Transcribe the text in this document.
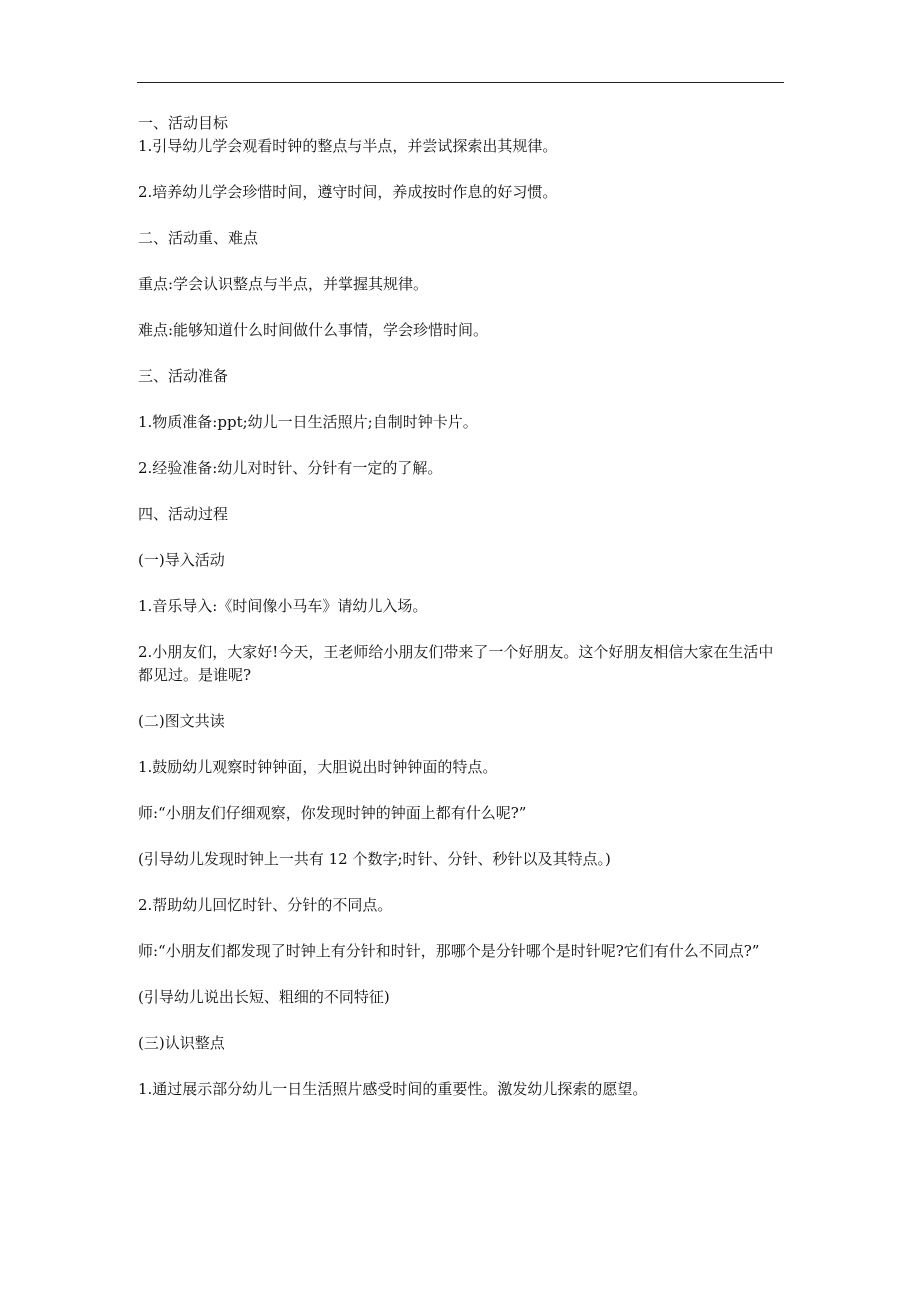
一、活动目标

1.引导幼儿学会观看时钟的整点与半点，并尝试探索出其规律。

2.培养幼儿学会珍惜时间，遵守时间，养成按时作息的好习惯。

二、活动重、难点

重点:学会认识整点与半点，并掌握其规律。

难点:能够知道什么时间做什么事情，学会珍惜时间。

三、活动准备

1.物质准备:ppt;幼儿一日生活照片;自制时钟卡片。

2.经验准备:幼儿对时针、分针有一定的了解。

四、活动过程

(一)导入活动

1.音乐导入:《时间像小马车》请幼儿入场。

2.小朋友们，大家好!今天，王老师给小朋友们带来了一个好朋友。这个好朋友相信大家在生活中都见过。是谁呢?

(二)图文共读

1.鼓励幼儿观察时钟钟面，大胆说出时钟钟面的特点。

师:“小朋友们仔细观察，你发现时钟的钟面上都有什么呢?”

(引导幼儿发现时钟上一共有 12 个数字;时针、分针、秒针以及其特点。)

2.帮助幼儿回忆时针、分针的不同点。

师:“小朋友们都发现了时钟上有分针和时针，那哪个是分针哪个是时针呢?它们有什么不同点?”

(引导幼儿说出长短、粗细的不同特征)

(三)认识整点

1.通过展示部分幼儿一日生活照片感受时间的重要性。激发幼儿探索的愿望。
